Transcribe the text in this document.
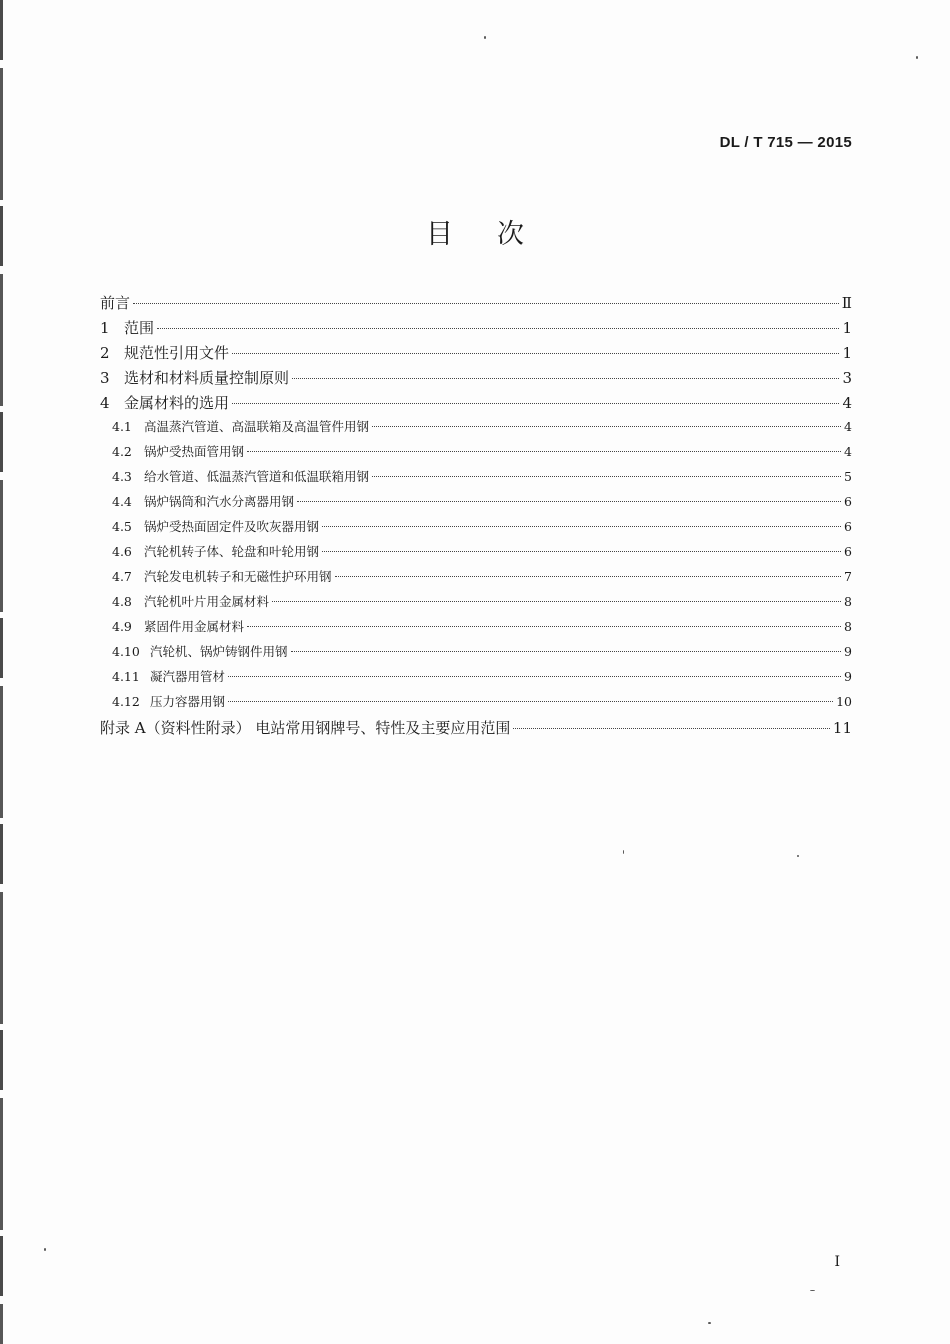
DL / T 715 — 2015
目次
前言	Ⅱ
1 范围	1
2 规范性引用文件	1
3 选材和材料质量控制原则	3
4 金属材料的选用	4
4.1 高温蒸汽管道、高温联箱及高温管件用钢	4
4.2 锅炉受热面管用钢	4
4.3 给水管道、低温蒸汽管道和低温联箱用钢	5
4.4 锅炉锅筒和汽水分离器用钢	6
4.5 锅炉受热面固定件及吹灰器用钢	6
4.6 汽轮机转子体、轮盘和叶轮用钢	6
4.7 汽轮发电机转子和无磁性护环用钢	7
4.8 汽轮机叶片用金属材料	8
4.9 紧固件用金属材料	8
4.10 汽轮机、锅炉铸钢件用钢	9
4.11 凝汽器用管材	9
4.12 压力容器用钢	10
附录 A（资料性附录） 电站常用钢牌号、特性及主要应用范围	11
I
